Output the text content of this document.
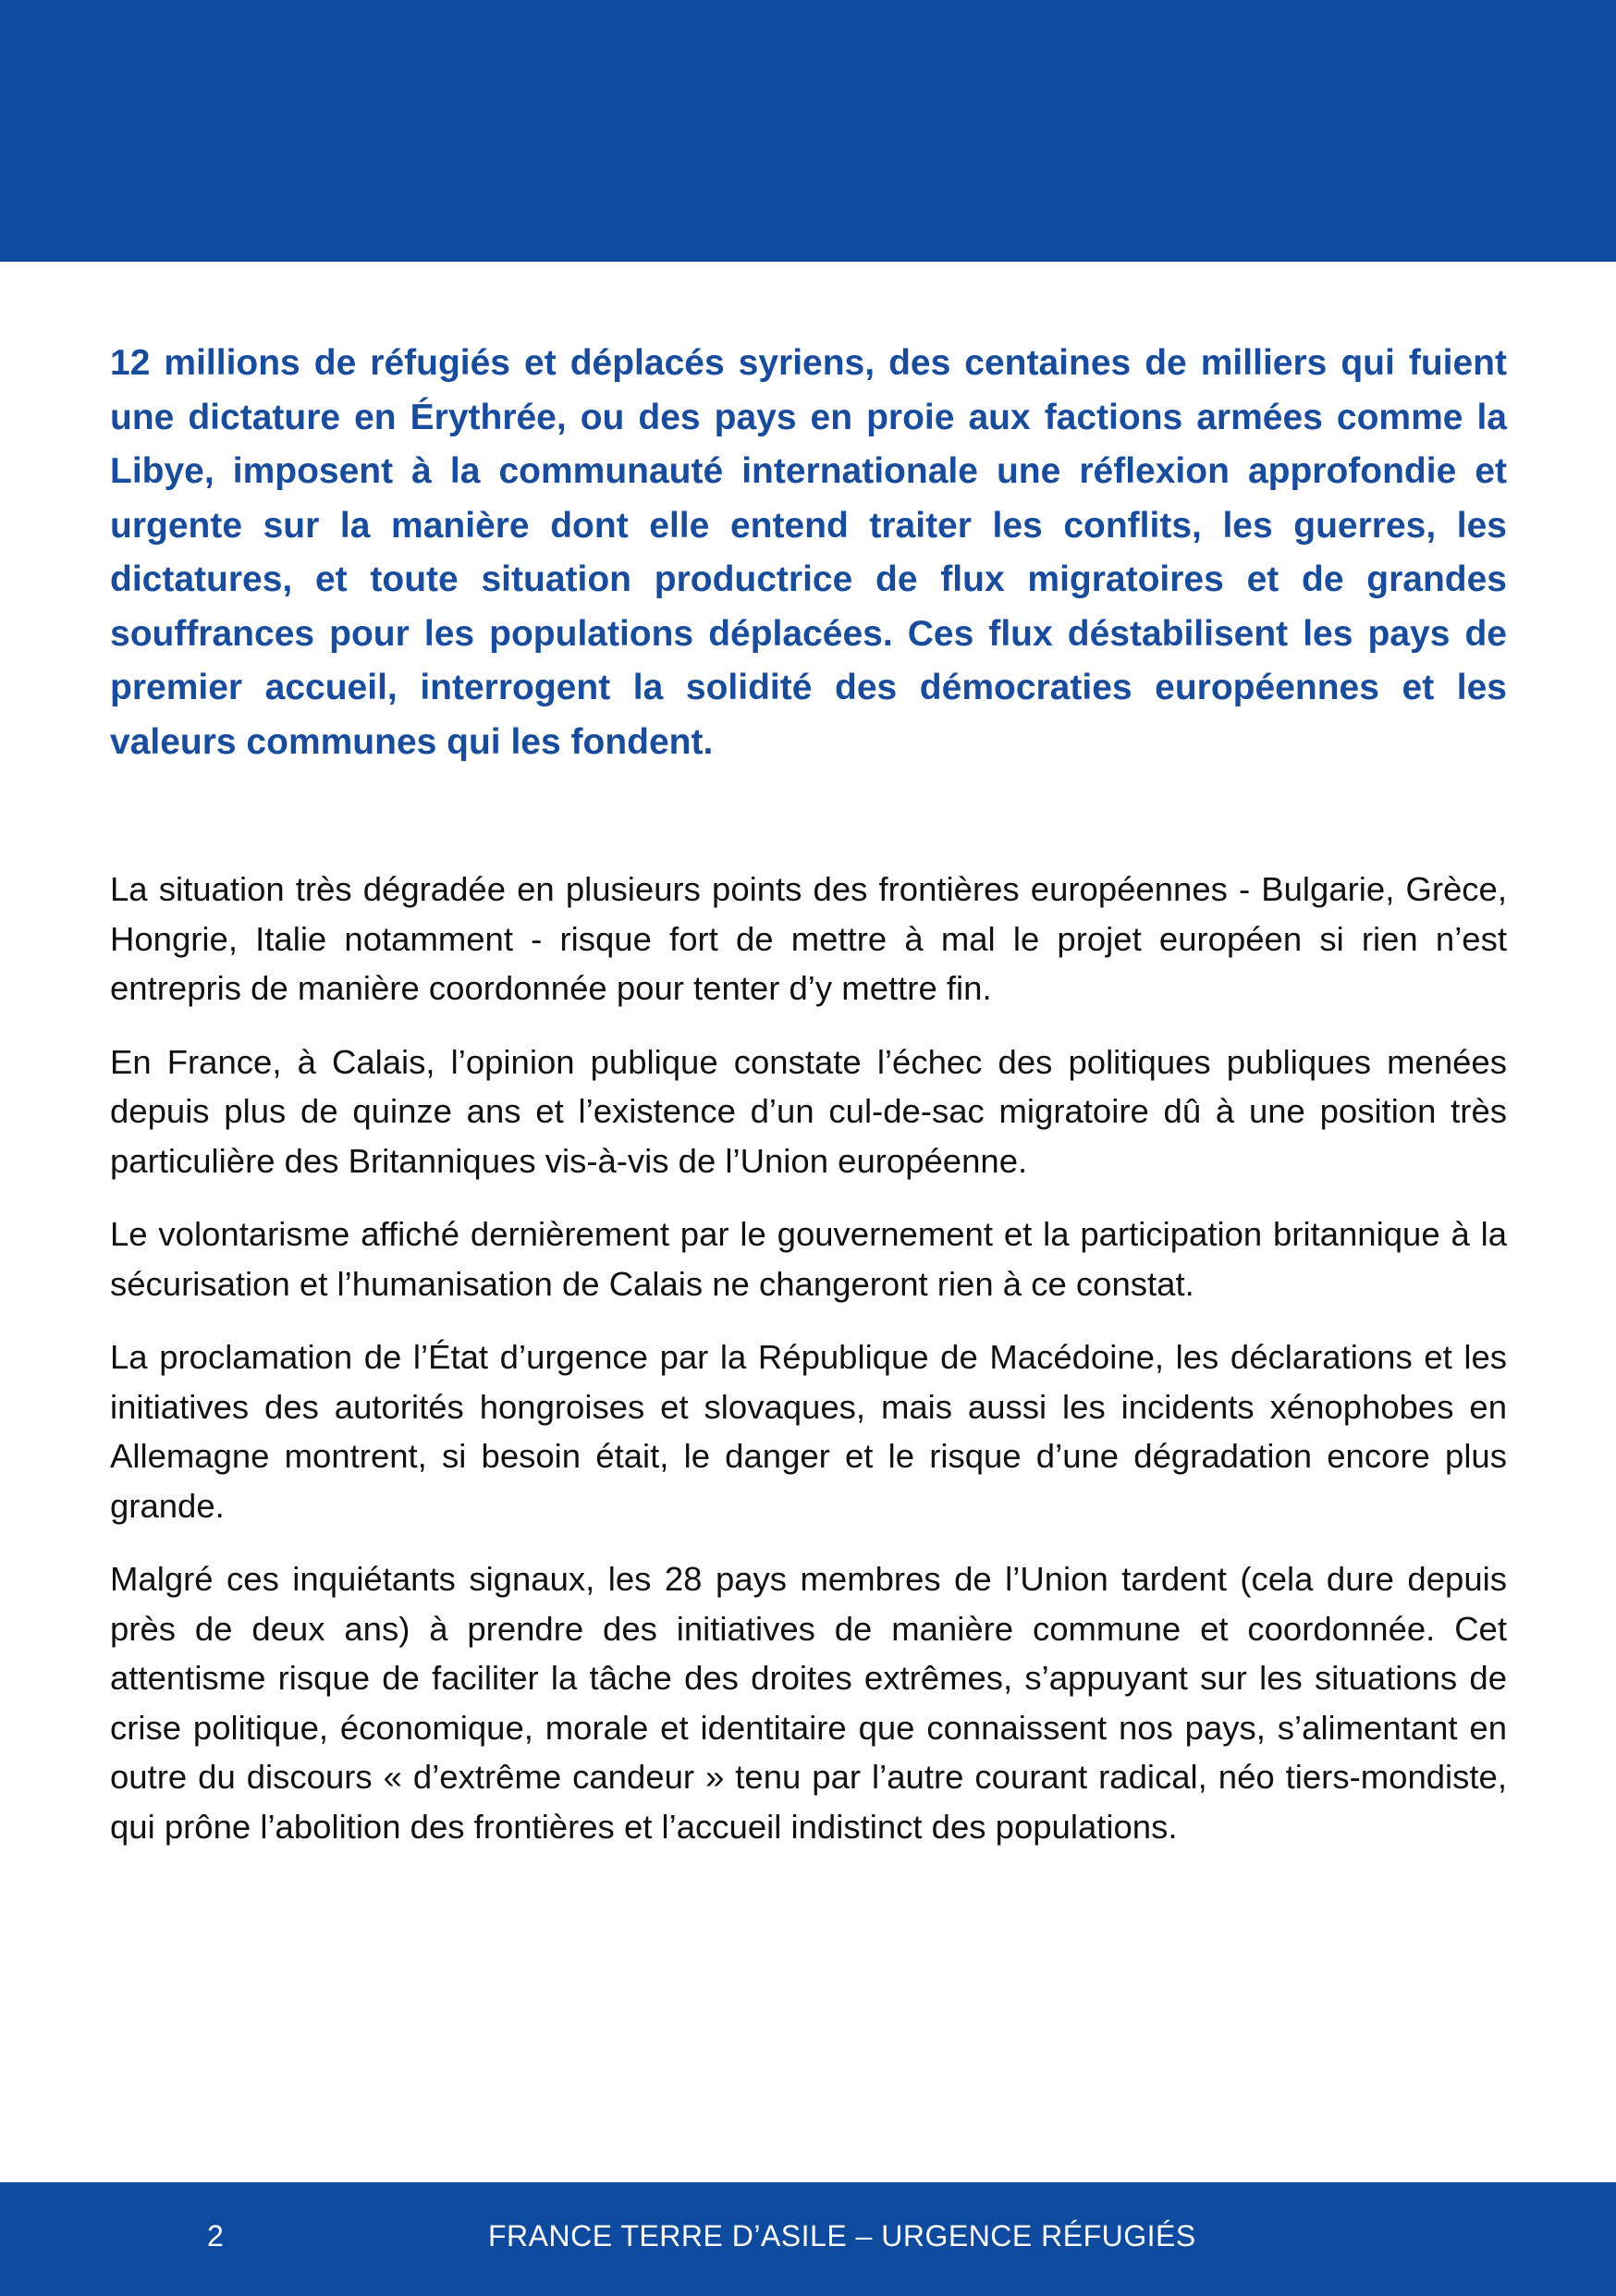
12 millions de réfugiés et déplacés syriens, des centaines de milliers qui fuient une dictature en Érythrée, ou des pays en proie aux factions armées comme la Libye, imposent à la communauté internationale une réflexion approfondie et urgente sur la manière dont elle entend traiter les conflits, les guerres, les dictatures, et toute situation productrice de flux migratoires et de grandes souffrances pour les populations déplacées. Ces flux déstabilisent les pays de premier accueil, interrogent la solidité des démocraties européennes et les valeurs communes qui les fondent.

La situation très dégradée en plusieurs points des frontières européennes - Bulgarie, Grèce, Hongrie, Italie notamment - risque fort de mettre à mal le projet européen si rien n’est entrepris de manière coordonnée pour tenter d’y mettre fin.

En France, à Calais, l’opinion publique constate l’échec des politiques publiques menées depuis plus de quinze ans et l’existence d’un cul-de-sac migratoire dû à une position très particulière des Britanniques vis-à-vis de l’Union européenne.

Le volontarisme affiché dernièrement par le gouvernement et la participation britannique à la sécurisation et l’humanisation de Calais ne changeront rien à ce constat.

La proclamation de l’État d’urgence par la République de Macédoine, les déclarations et les initiatives des autorités hongroises et slovaques, mais aussi les incidents xénophobes en Allemagne montrent, si besoin était, le danger et le risque d’une dégradation encore plus grande.

Malgré ces inquiétants signaux, les 28 pays membres de l’Union tardent (cela dure depuis près de deux ans) à prendre des initiatives de manière commune et coordonnée. Cet attentisme risque de faciliter la tâche des droites extrêmes, s’appuyant sur les situations de crise politique, économique, morale et identitaire que connaissent nos pays, s’alimentant en outre du discours « d’extrême candeur » tenu par l’autre courant radical, néo tiers-mondiste, qui prône l’abolition des frontières et l’accueil indistinct des populations.

2	FRANCE TERRE D’ASILE – URGENCE RÉFUGIÉS
